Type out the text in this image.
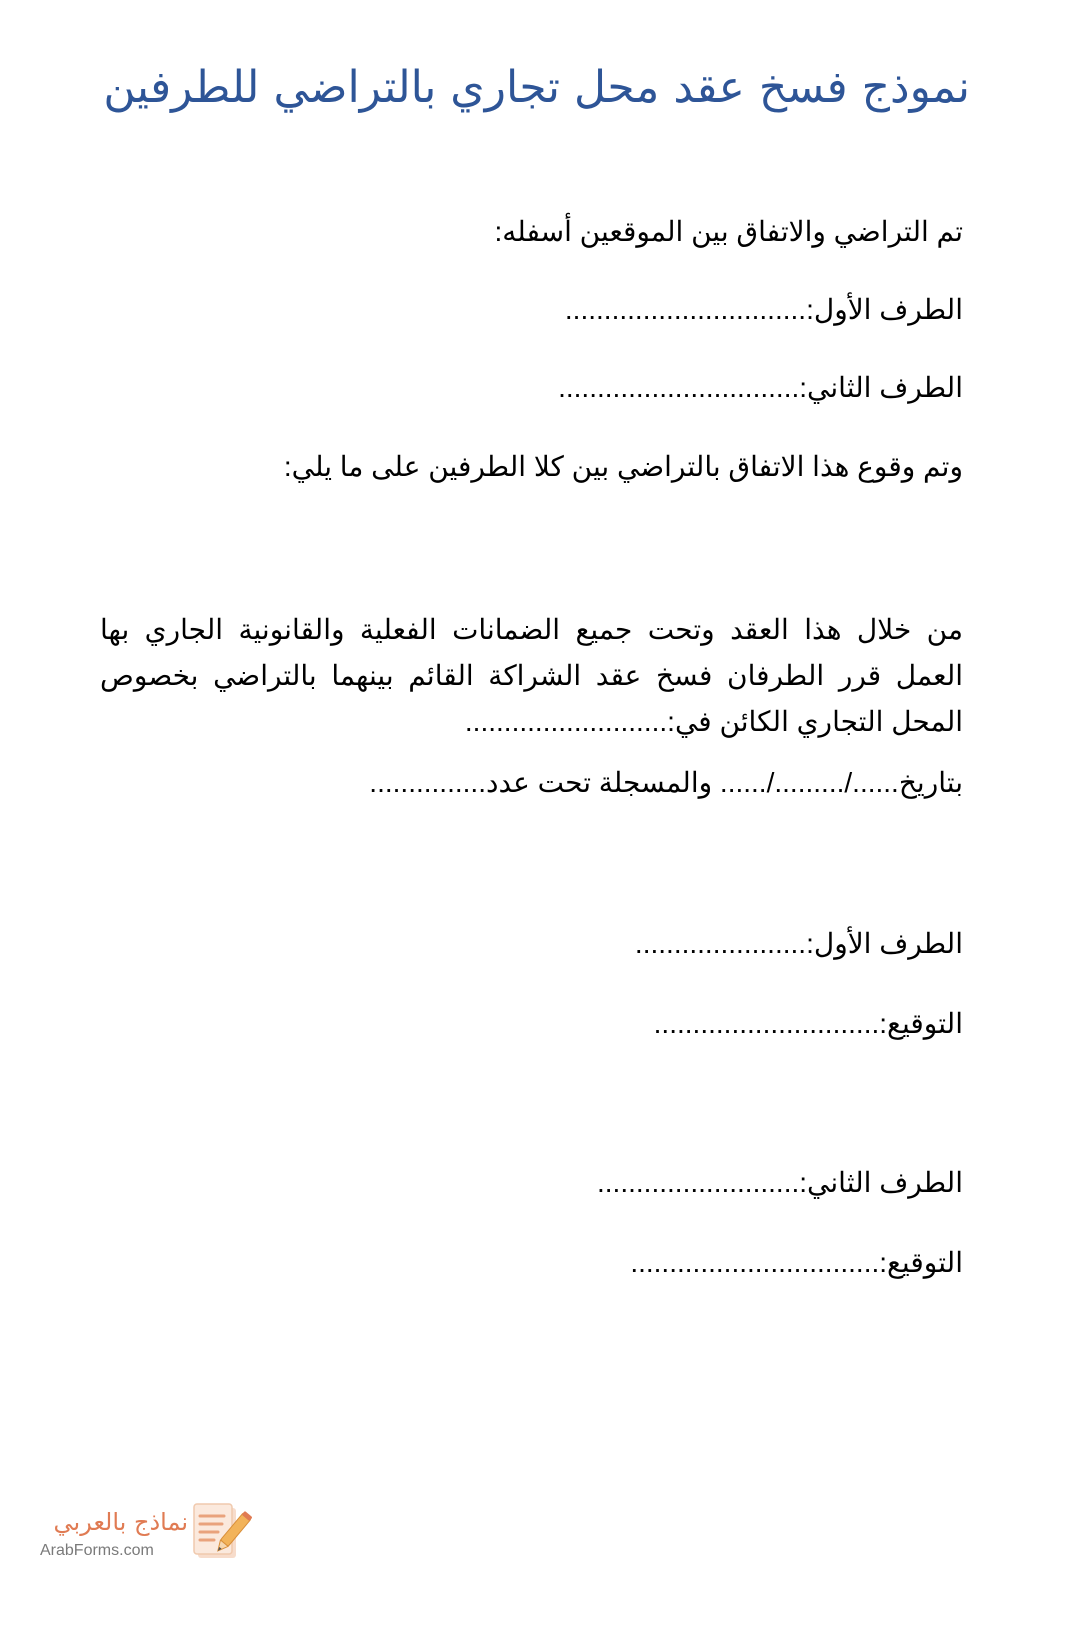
نموذج فسخ عقد محل تجاري بالتراضي للطرفين
تم التراضي والاتفاق بين الموقعين أسفله:
الطرف الأول:...............................
الطرف الثاني:...............................
وتم وقوع هذا الاتفاق بالتراضي بين كلا الطرفين على ما يلي:
من خلال هذا العقد وتحت جميع الضمانات الفعلية والقانونية الجاري بها
العمل قرر الطرفان فسخ عقد الشراكة القائم بينهما بالتراضي بخصوص
المحل التجاري الكائن في:..........................
بتاريخ....../........./...... والمسجلة تحت عدد...............
الطرف الأول:......................
التوقيع:.............................
الطرف الثاني:..........................
التوقيع:................................
نماذج بالعربي
ArabForms.com
